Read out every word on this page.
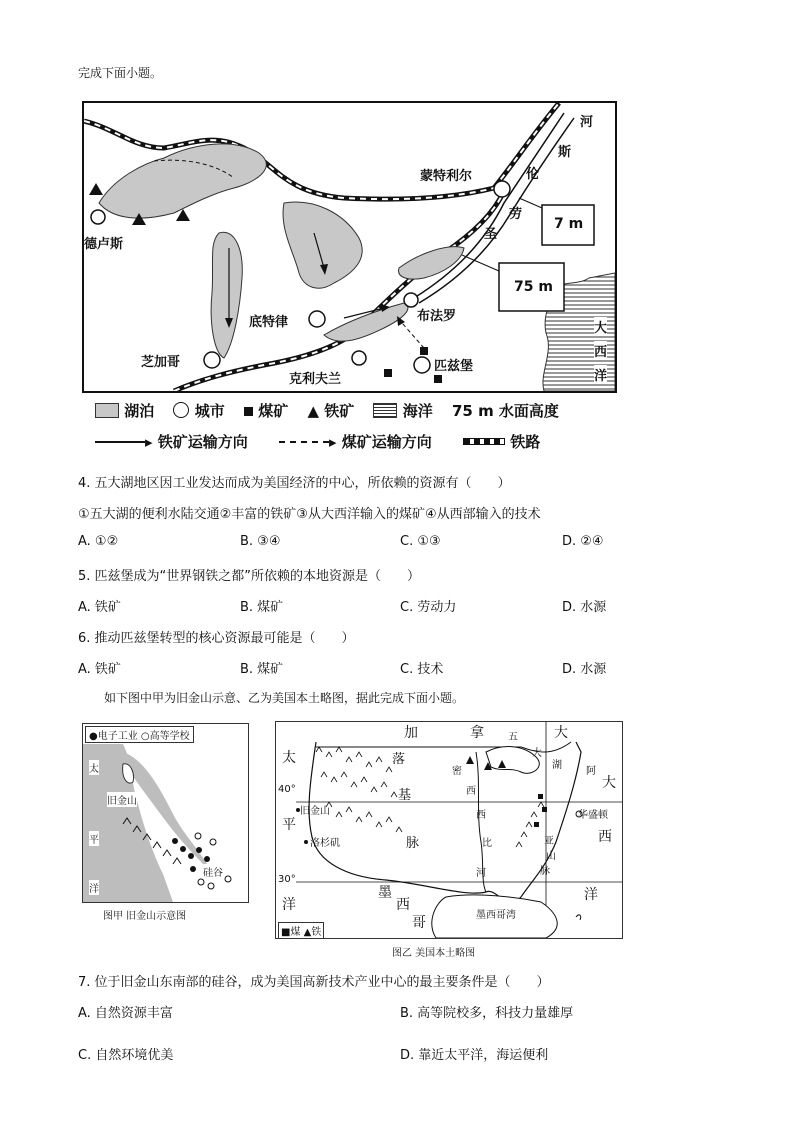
完成下面小题。
德卢斯
蒙特利尔
底特律	布法罗
芝加哥
克利夫兰
匹兹堡
河
斯
伦
劳
圣
7 m
75 m
大
西
洋
湖泊	城市 煤矿 ▲ 铁矿	海洋 75 m 水面高度
▸ 铁矿运输方向	▸ 煤矿运输方向	铁路
4. 五大湖地区因工业发达而成为美国经济的中心，所依赖的资源有（　　）
①五大湖的便利水陆交通②丰富的铁矿③从大西洋输入的煤矿④从西部输入的技术
A. ①②	B. ③④	C. ①③	D. ②④
5. 匹兹堡成为“世界钢铁之都”所依赖的本地资源是（　　）
A. 铁矿	B. 煤矿	C. 劳动力	D. 水源
6. 推动匹兹堡转型的核心资源最可能是（　　）
A. 铁矿	B. 煤矿	C. 技术	D. 水源
如下图中甲为旧金山示意、乙为美国本土略图，据此完成下面小题。
●电子工业 ○高等学校
太
平
洋
旧金山
硅谷
图甲 旧金山示意图
太
平
洋
40°
30°
加	拿	大
五
大
湖
密
西
西
比
河
落
基
脉
旧金山
洛杉矶
阿
亚
山
脉
华盛顿
大
西
洋
墨
西
哥	墨西哥湾
■煤 ▲铁
图乙 美国本土略图
7. 位于旧金山东南部的硅谷，成为美国高新技术产业中心的最主要条件是（　　）
A. 自然资源丰富	B. 高等院校多，科技力量雄厚
C. 自然环境优美	D. 靠近太平洋，海运便利
